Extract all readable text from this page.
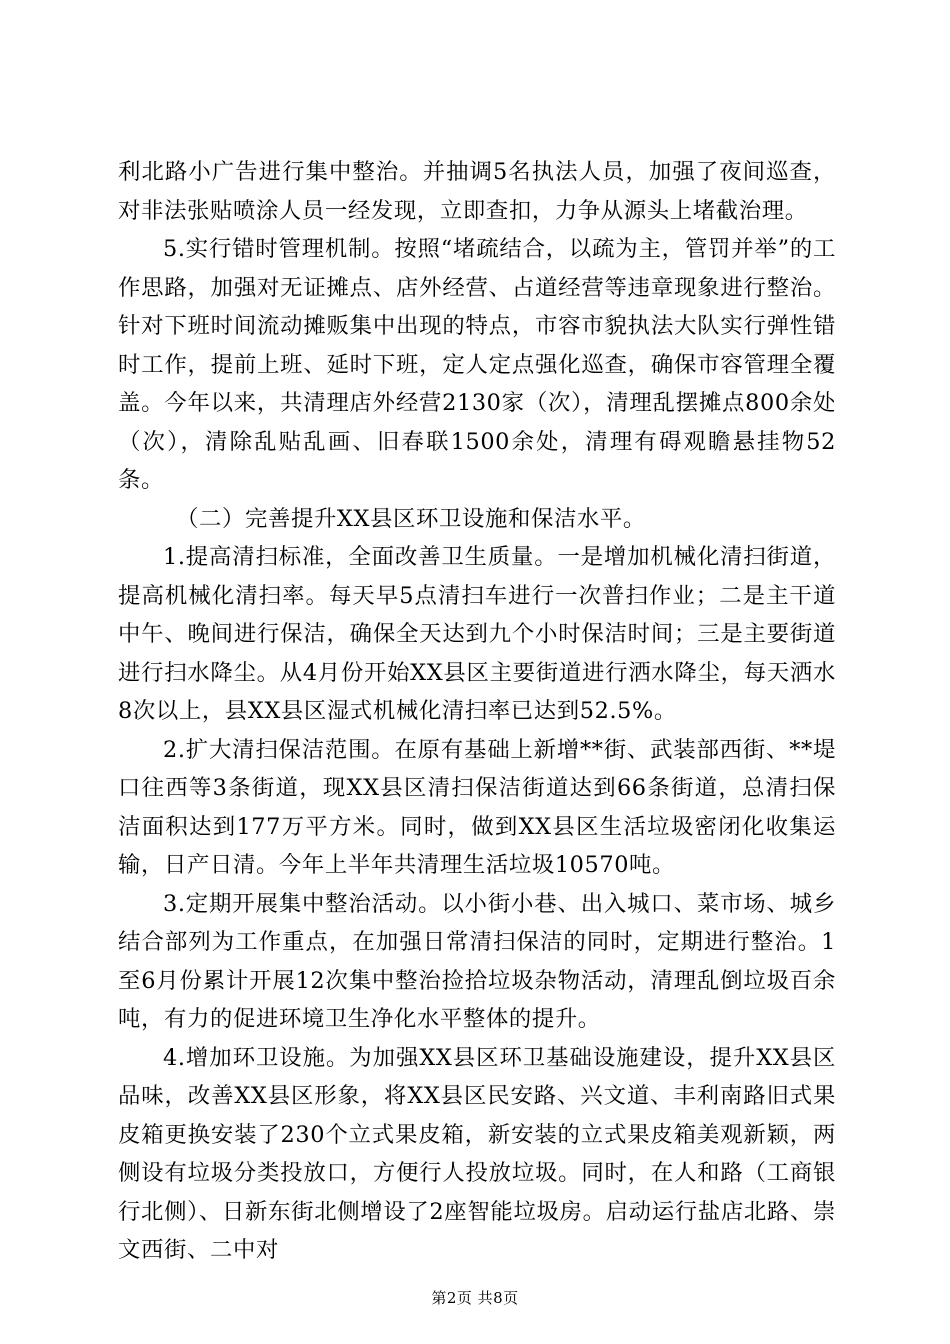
利北路小广告进行集中整治。并抽调5名执法人员，加强了夜间巡查，对非法张贴喷涂人员一经发现，立即查扣，力争从源头上堵截治理。

5.实行错时管理机制。按照“堵疏结合，以疏为主，管罚并举”的工作思路，加强对无证摊点、店外经营、占道经营等违章现象进行整治。针对下班时间流动摊贩集中出现的特点，市容市貌执法大队实行弹性错时工作，提前上班、延时下班，定人定点强化巡查，确保市容管理全覆盖。今年以来，共清理店外经营2130家（次），清理乱摆摊点800余处（次），清除乱贴乱画、旧春联1500余处，清理有碍观瞻悬挂物52条。

（二）完善提升XX县区环卫设施和保洁水平。

1.提高清扫标准，全面改善卫生质量。一是增加机械化清扫街道，提高机械化清扫率。每天早5点清扫车进行一次普扫作业；二是主干道中午、晚间进行保洁，确保全天达到九个小时保洁时间；三是主要街道进行扫水降尘。从4月份开始XX县区主要街道进行洒水降尘，每天洒水8次以上，县XX县区湿式机械化清扫率已达到52.5%。

2.扩大清扫保洁范围。在原有基础上新增**街、武装部西街、**堤口往西等3条街道，现XX县区清扫保洁街道达到66条街道，总清扫保洁面积达到177万平方米。同时，做到XX县区生活垃圾密闭化收集运输，日产日清。今年上半年共清理生活垃圾10570吨。

3.定期开展集中整治活动。以小街小巷、出入城口、菜市场、城乡结合部列为工作重点，在加强日常清扫保洁的同时，定期进行整治。1至6月份累计开展12次集中整治捡拾垃圾杂物活动，清理乱倒垃圾百余吨，有力的促进环境卫生净化水平整体的提升。

4.增加环卫设施。为加强XX县区环卫基础设施建设，提升XX县区品味，改善XX县区形象，将XX县区民安路、兴文道、丰利南路旧式果皮箱更换安装了230个立式果皮箱，新安装的立式果皮箱美观新颖，两侧设有垃圾分类投放口，方便行人投放垃圾。同时，在人和路（工商银行北侧）、日新东街北侧增设了2座智能垃圾房。启动运行盐店北路、崇文西街、二中对

第2页 共8页
